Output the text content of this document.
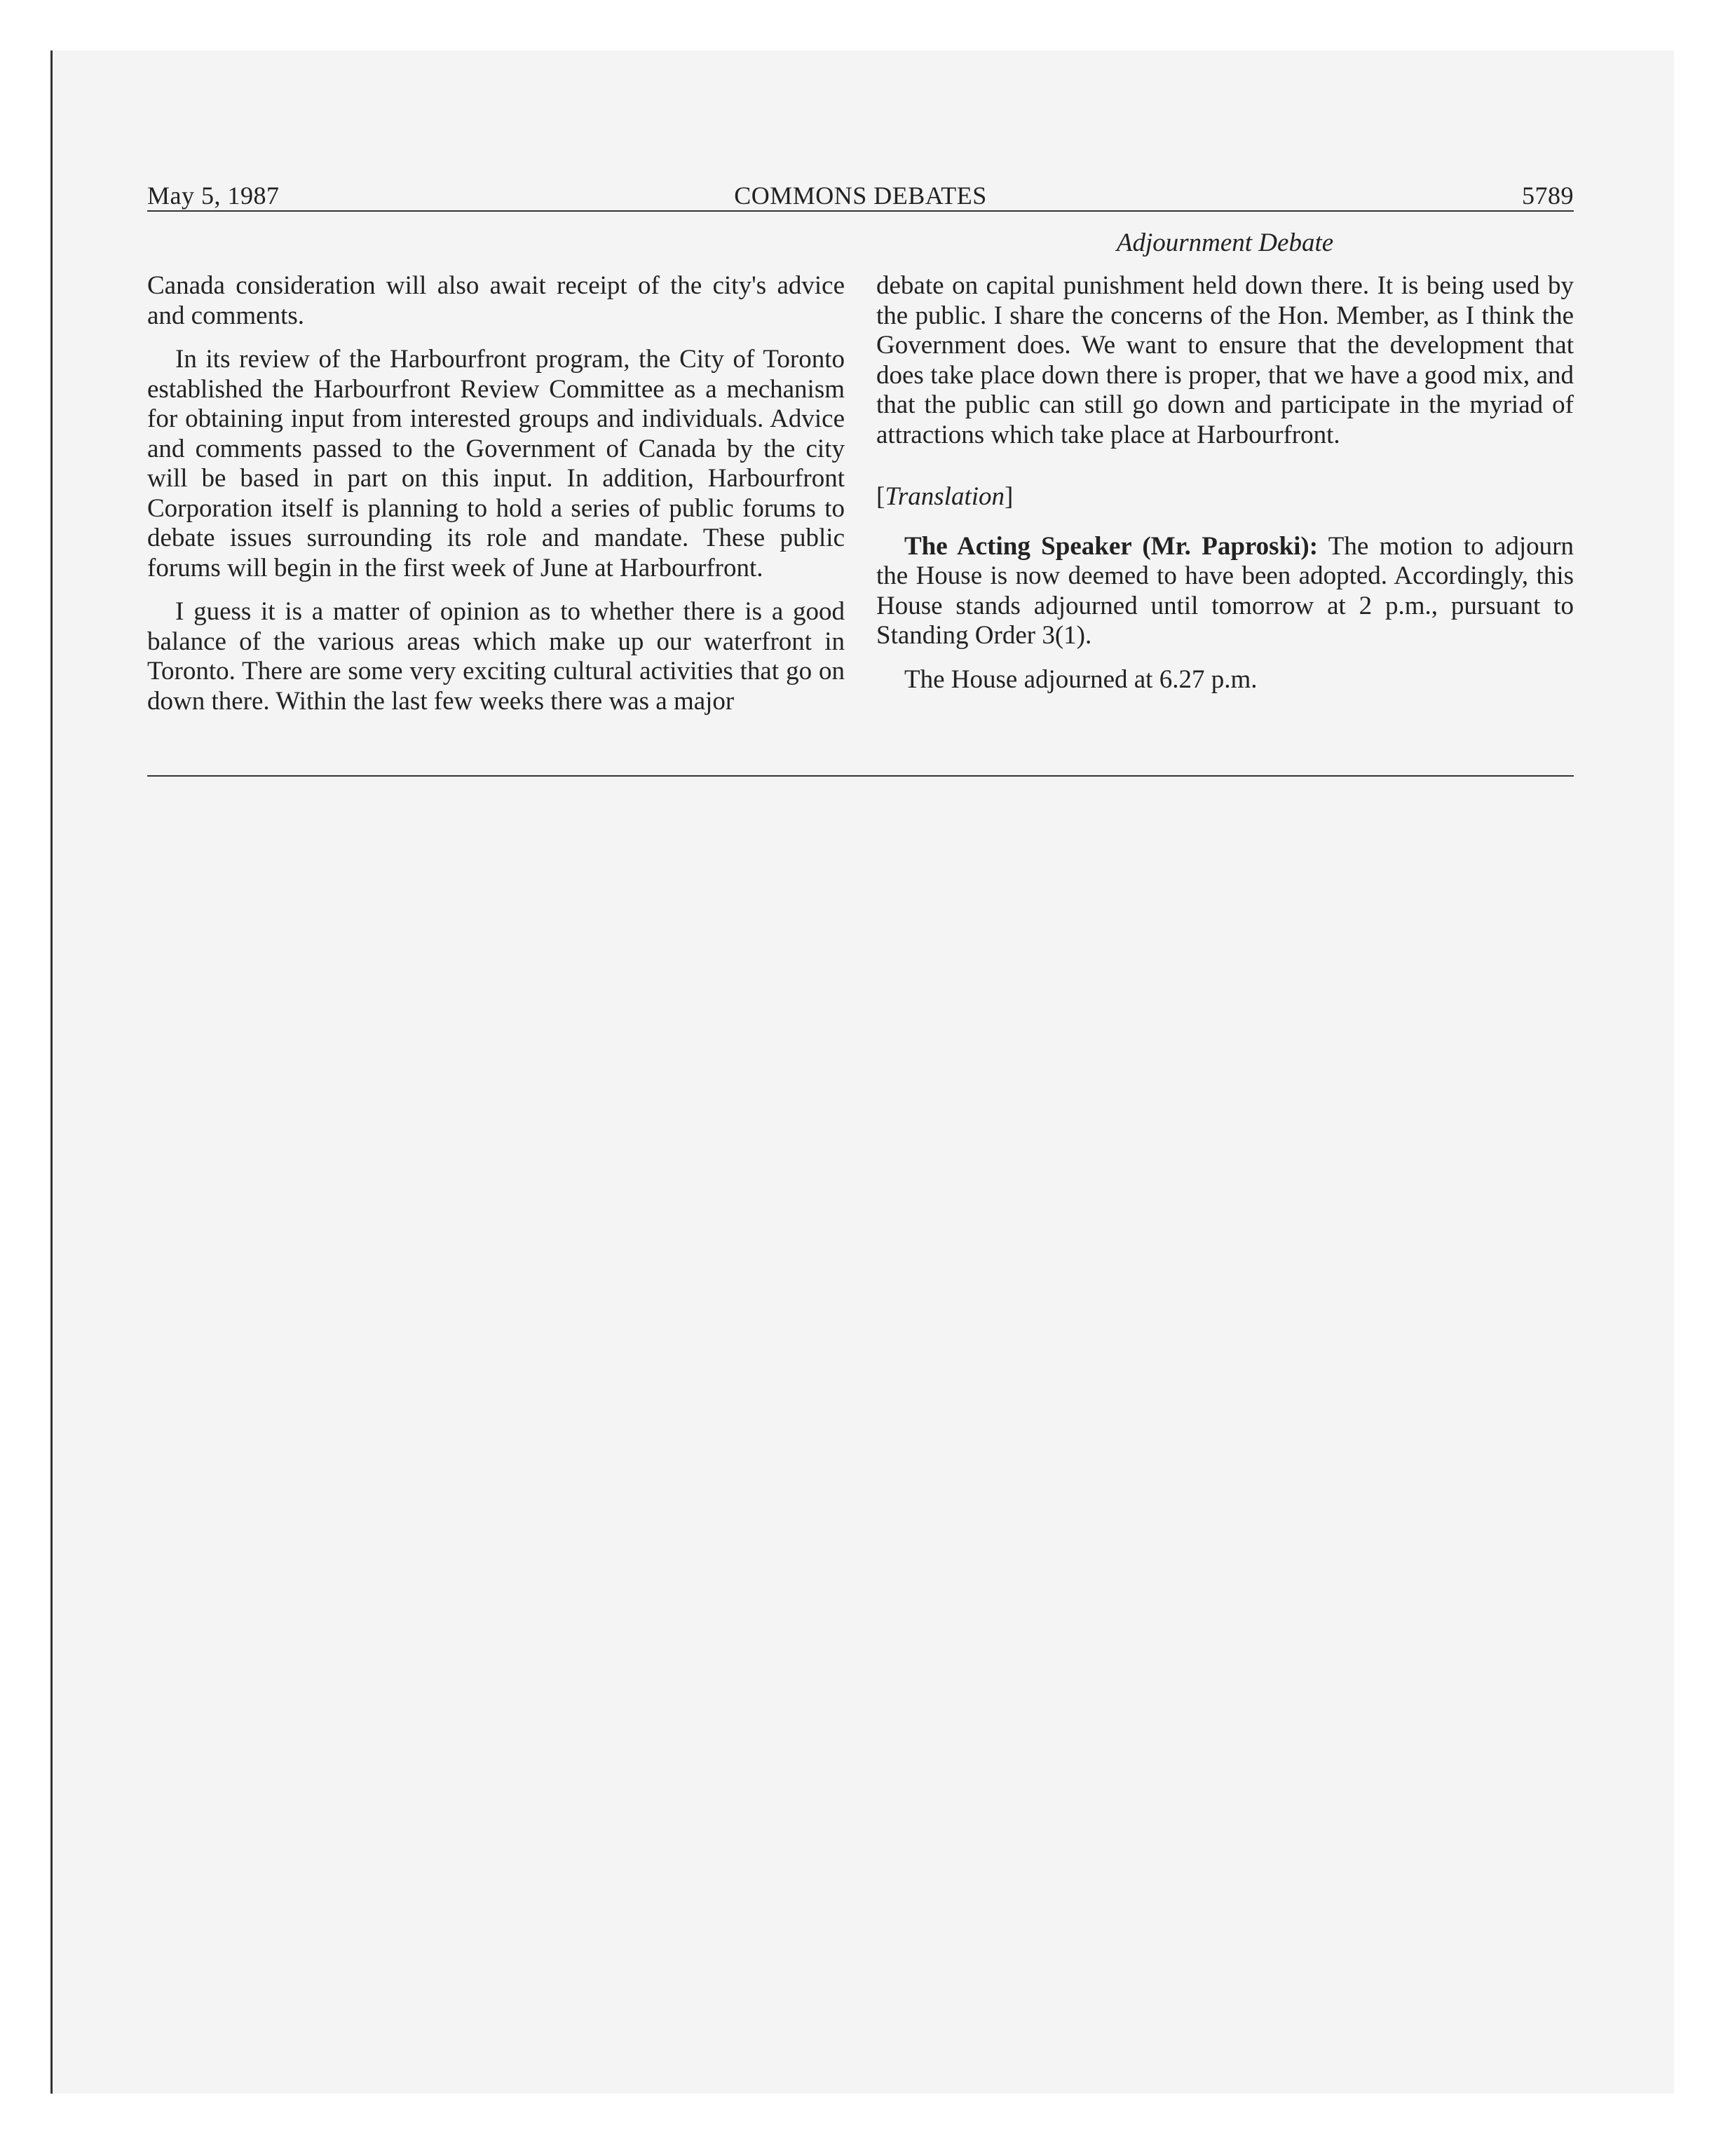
May 5, 1987	COMMONS DEBATES	5789
Adjournment Debate

Canada consideration will also await receipt of the city's advice and comments.

In its review of the Harbourfront program, the City of Toronto established the Harbourfront Review Committee as a mechanism for obtaining input from interested groups and individuals. Advice and comments passed to the Government of Canada by the city will be based in part on this input. In addition, Harbourfront Corporation itself is planning to hold a series of public forums to debate issues surrounding its role and mandate. These public forums will begin in the first week of June at Harbourfront.

I guess it is a matter of opinion as to whether there is a good balance of the various areas which make up our waterfront in Toronto. There are some very exciting cultural activities that go on down there. Within the last few weeks there was a major

debate on capital punishment held down there. It is being used by the public. I share the concerns of the Hon. Member, as I think the Government does. We want to ensure that the development that does take place down there is proper, that we have a good mix, and that the public can still go down and participate in the myriad of attractions which take place at Harbourfront.

[Translation]

The Acting Speaker (Mr. Paproski): The motion to adjourn the House is now deemed to have been adopted. Accordingly, this House stands adjourned until tomorrow at 2 p.m., pursuant to Standing Order 3(1).

The House adjourned at 6.27 p.m.
